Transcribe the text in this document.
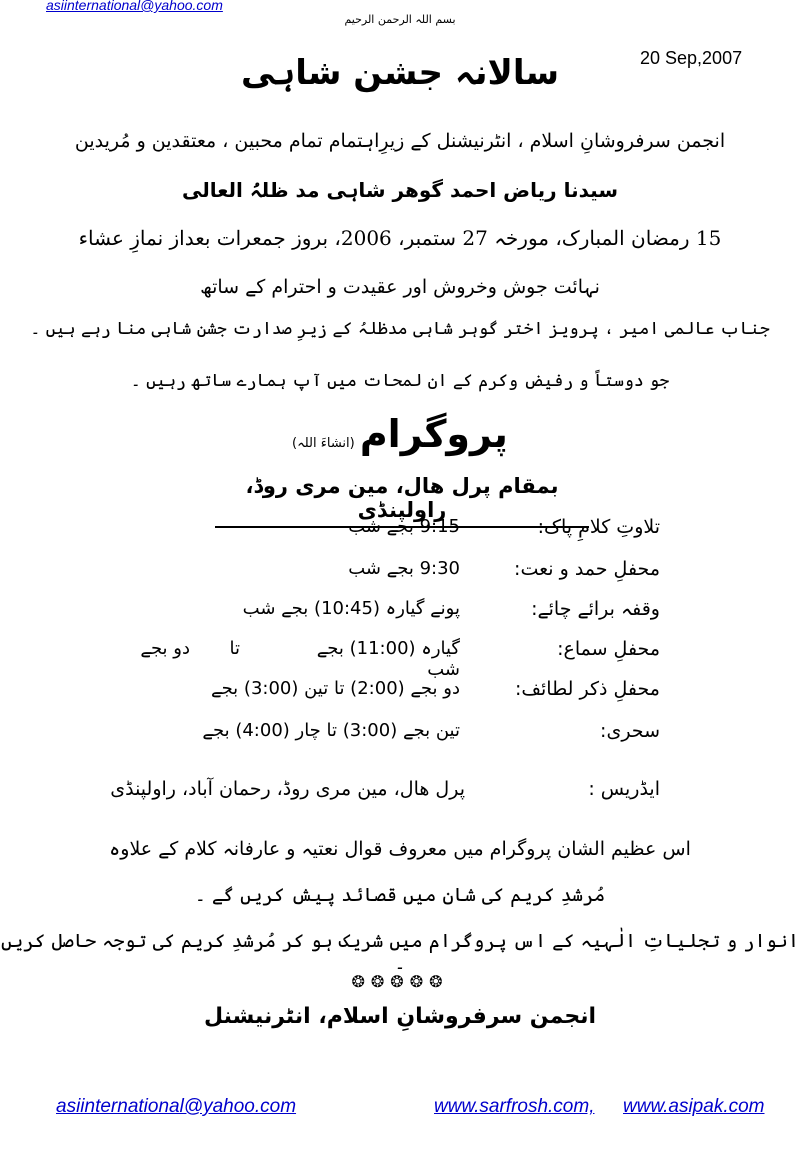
asiinternational@yahoo.com
بسم اللہ الرحمن الرحیم
20 Sep,2007
سالانہ جشن شاہی
انجمن سرفروشانِ اسلام ، انٹرنیشنل کے زیرِاہتمام تمام محبین ، معتقدین و مُریدین
سیدنا ریاض احمد گوھر شاہی مد ظلہُ العالی
15 رمضان المبارک، مورخہ 27 ستمبر، 2006، بروز جمعرات بعداز نمازِ عشاء
نہائت جوش وخروش اور عقیدت و احترام کے ساتھ
جناب عالمی امیر ، پرویز اختر گوہر شاہی مدظلہُ کے زیرِ صدارت جشن شاہی منا رہے ہیں ۔
جو دوستاً و رفیض وکرم کے ان لمحات میں آپ ہمارے ساتھ رہیں ۔
پروگرام (انشاءَ اللہ)
بمقام پرل ھال، مین مری روڈ، راولپنڈی
تلاوتِ کلامِ پاک:
9:15 بجے شب
محفلِ حمد و نعت:
9:30 بجے شب
وقفہ برائے چائے:
پونے گیارہ (10:45) بجے شب
محفلِ سماع:
گیارہ (11:00) بجے شب
تا
دو بجے
محفلِ ذکر لطائف:
دو بجے (2:00) تا تین (3:00) بجے
سحری:
تین بجے (3:00) تا چار (4:00) بجے
ایڈریس :
پرل ھال، مین مری روڈ، رحمان آباد، راولپنڈی
اس عظیم الشان پروگرام میں معروف قوال نعتیہ و عارفانہ کلام کے علاوہ
مُرشدِ کریم کی شان میں قصائد پیش کریں گے ۔
انوار و تجلیاتِ الٰہیہ کے اس پروگرام میں شریک ہو کر مُرشدِ کریم کی توجہ حاصل کریں ۔
❂❂❂❂❂
انجمن سرفروشانِ اسلام، انٹرنیشنل
asiinternational@yahoo.com	www.sarfrosh.com, www.asipak.com
